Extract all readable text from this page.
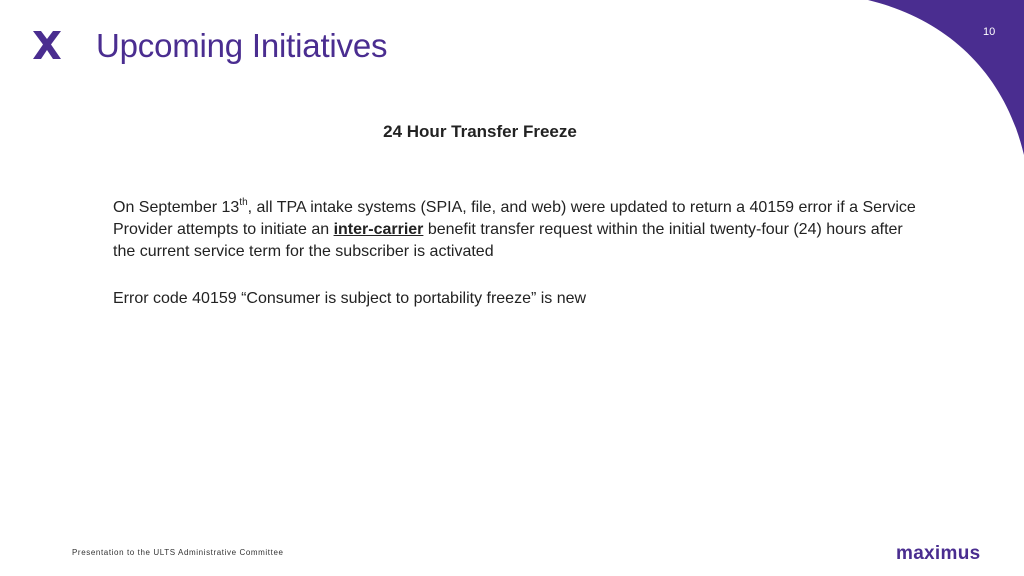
Upcoming Initiatives	10
24 Hour Transfer Freeze
On September 13th, all TPA intake systems (SPIA, file, and web) were updated to return a 40159 error if a Service Provider attempts to initiate an inter-carrier benefit transfer request within the initial twenty-four (24) hours after the current service term for the subscriber is activated
Error code 40159 “Consumer is subject to portability freeze” is new
Presentation to the ULTS Administrative Committee	maximus
